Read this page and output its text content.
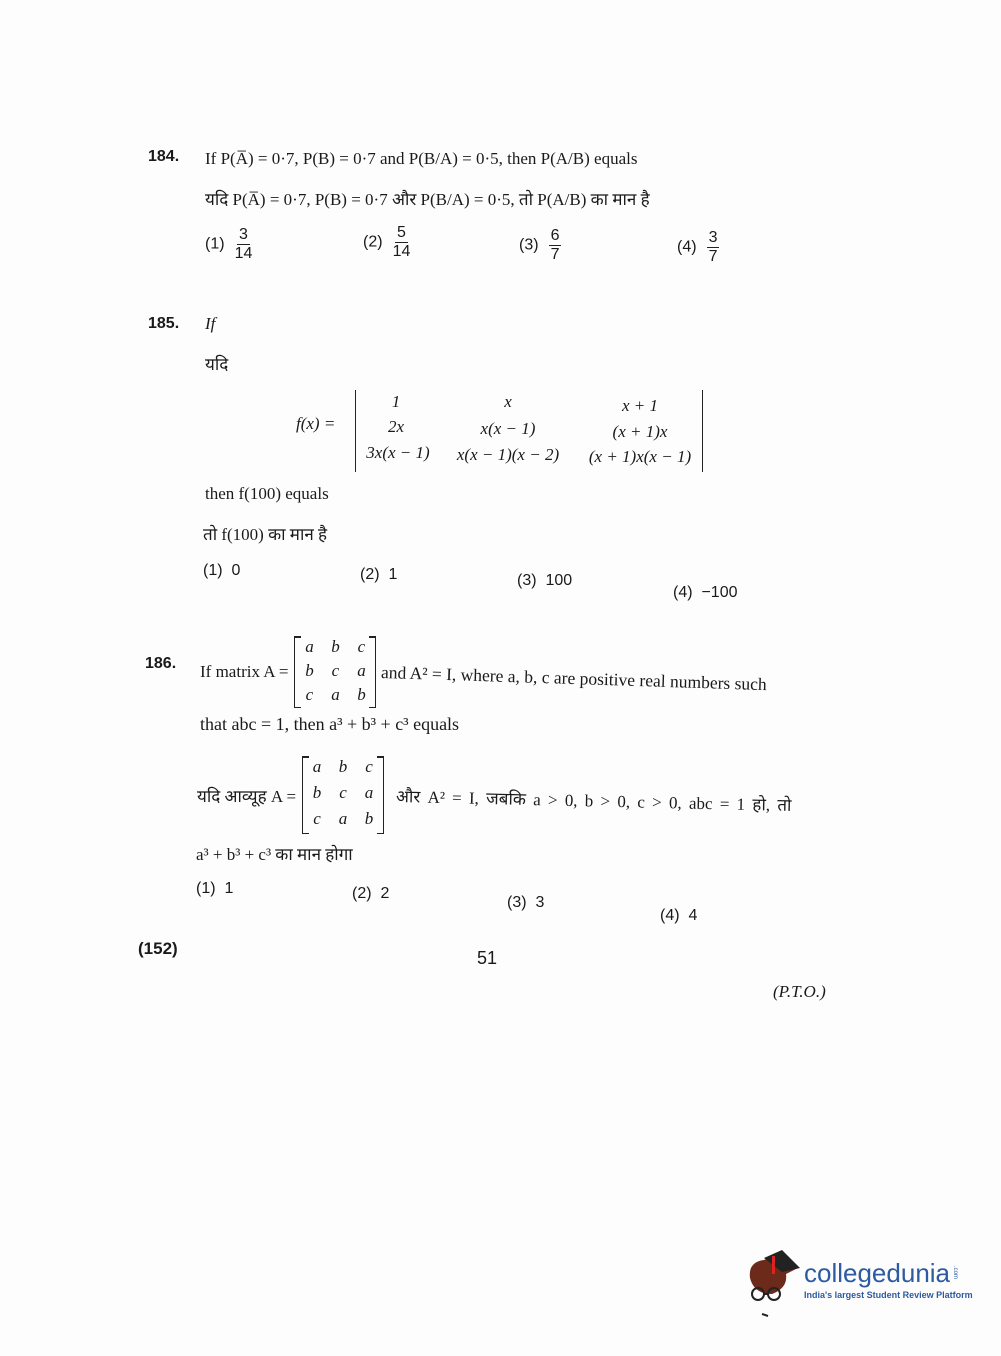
184. If P(A̅) = 0·7, P(B) = 0·7 and P(B/A) = 0·5, then P(A/B) equals
यदि P(A̅) = 0·7, P(B) = 0·7 और P(B/A) = 0·5, तो P(A/B) का मान है
$(1) \frac{3}{14}$	$(2) \frac{5}{14}$	$(3) \frac{6}{7}$	$(4) \frac{3}{7}$
185. If
यदि
f(x) =
1	x	x + 1
2x	x(x − 1)	(x + 1)x
3x(x − 1)	x(x − 1)(x − 2)	(x + 1)x(x − 1)
then f(100) equals
तो f(100) का मान है
(1) 0	(2) 1	(3) 100
(4) −100
186. If matrix A =
a	b	c
b	c	a
c	a	b
and A² = I, where a, b, c are positive real numbers such
that abc = 1, then a³ + b³ + c³ equals
यदि आव्यूह A =
a	b	c
b	c	a
c	a	b
और A² = I, जबकि a > 0, b > 0, c > 0, abc = 1 हो, तो
a³ + b³ + c³ का मान होगा
(1) 1	(2) 2
(3) 3
(4) 4
(152)	51
(P.T.O.)
collegedunia .com
India's largest Student Review Platform
